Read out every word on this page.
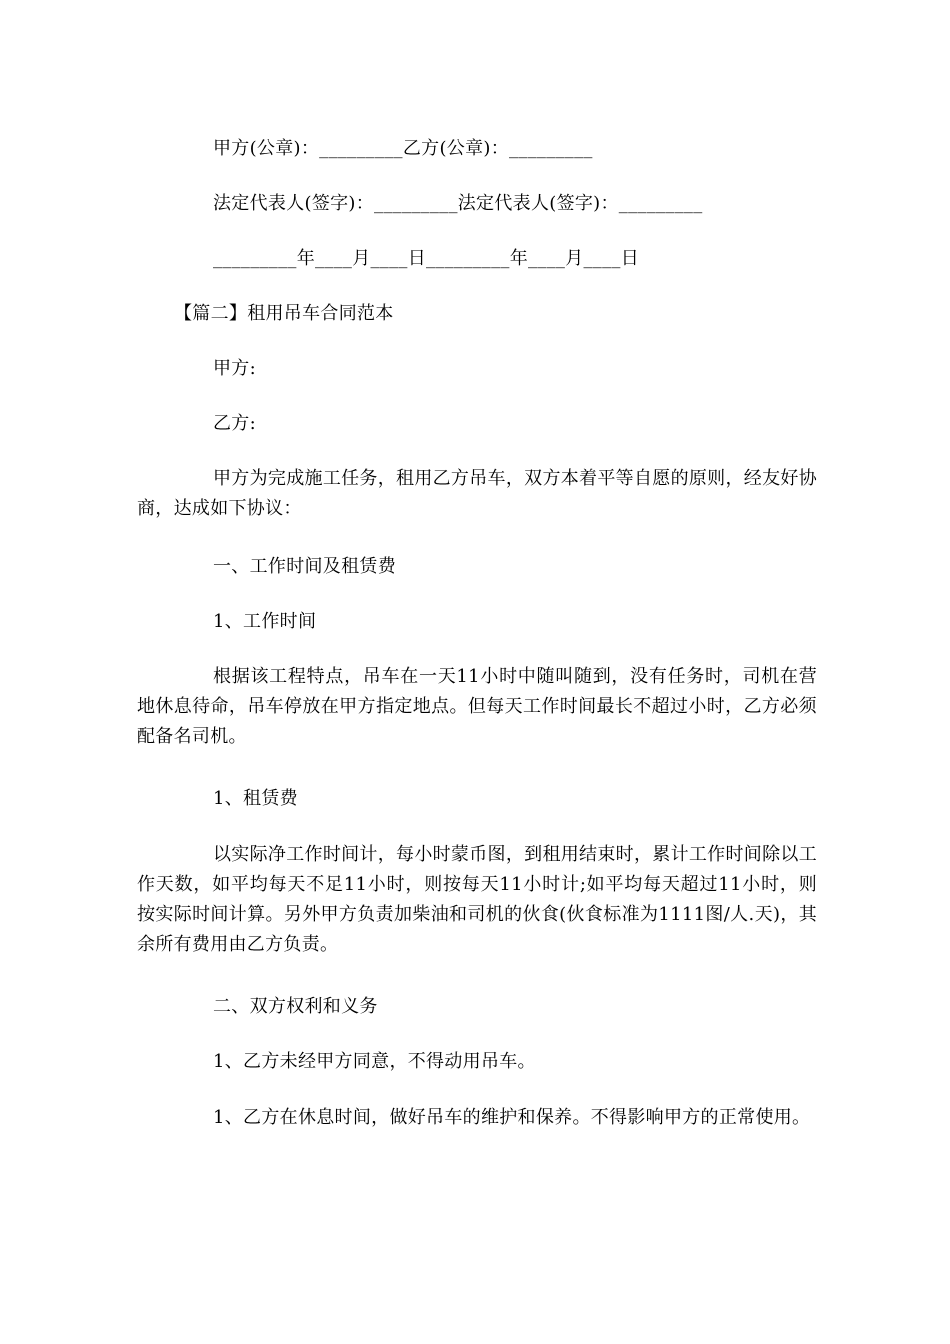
甲方(公章)：_________乙方(公章)：_________
法定代表人(签字)：_________法定代表人(签字)：_________
_________年____月____日_________年____月____日
【篇二】租用吊车合同范本
甲方:
乙方:
甲方为完成施工任务，租用乙方吊车，双方本着平等自愿的原则，经友好协商，达成如下协议：
一、工作时间及租赁费
1、工作时间
根据该工程特点，吊车在一天11小时中随叫随到，没有任务时，司机在营地休息待命，吊车停放在甲方指定地点。但每天工作时间最长不超过小时，乙方必须配备名司机。
1、租赁费
以实际净工作时间计，每小时蒙币图，到租用结束时，累计工作时间除以工作天数，如平均每天不足11小时，则按每天11小时计;如平均每天超过11小时，则按实际时间计算。另外甲方负责加柴油和司机的伙食(伙食标准为1111图/人.天)，其余所有费用由乙方负责。
二、双方权利和义务
1、乙方未经甲方同意，不得动用吊车。
1、乙方在休息时间，做好吊车的维护和保养。不得影响甲方的正常使用。
